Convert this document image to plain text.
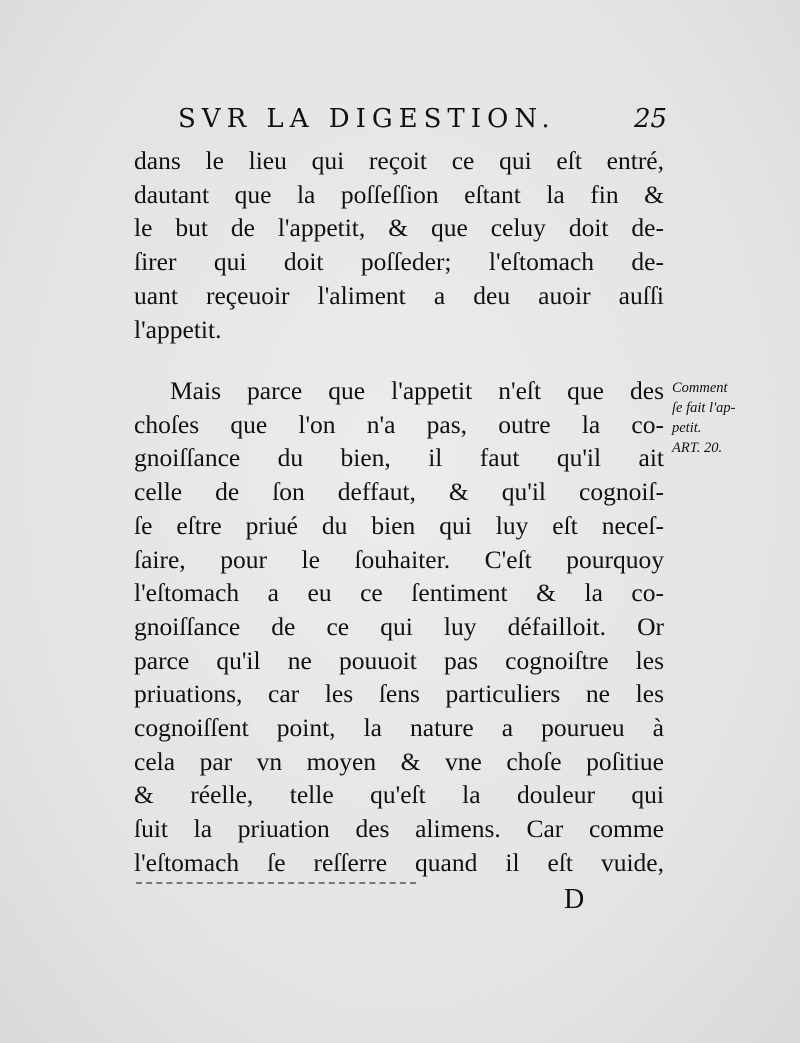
SVR LA DIGESTION.	25
dans le lieu qui reçoit ce qui eſt entré,
dautant que la poſſeſſion eſtant la fin &
le but de l'appetit, & que celuy doit de-
ſirer qui doit poſſeder; l'eſtomach de-
uant reçeuoir l'aliment a deu auoir auſſi
l'appetit.
Mais parce que l'appetit n'eſt que des
choſes que l'on n'a pas, outre la co-
gnoiſſance du bien, il faut qu'il ait
celle de ſon deffaut, & qu'il cognoiſ-
ſe eſtre priué du bien qui luy eſt neceſ-
ſaire, pour le ſouhaiter. C'eſt pourquoy
l'eſtomach a eu ce ſentiment & la co-
gnoiſſance de ce qui luy défailloit. Or
parce qu'il ne pouuoit pas cognoiſtre les
priuations, car les ſens particuliers ne les
cognoiſſent point, la nature a pourueu à
cela par vn moyen & vne choſe poſitiue
& réelle, telle qu'eſt la douleur qui
ſuit la priuation des alimens. Car comme
l'eſtomach ſe reſſerre quand il eſt vuide,
Comment
ſe fait l'ap-
petit.
ART. 20.
D
